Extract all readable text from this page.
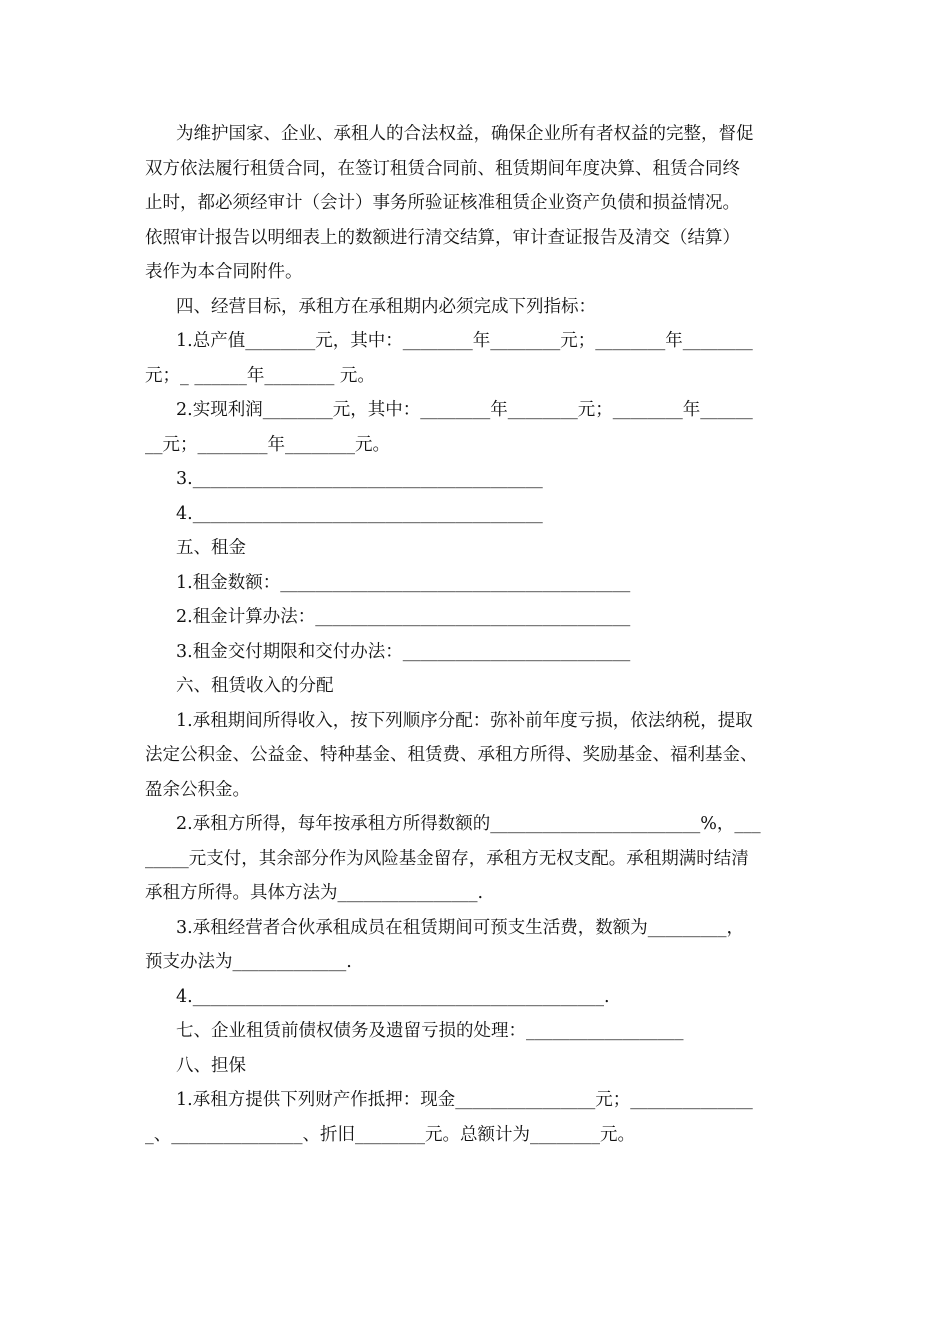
为维护国家、企业、承租人的合法权益，确保企业所有者权益的完整，督促
双方依法履行租赁合同，在签订租赁合同前、租赁期间年度决算、租赁合同终
止时，都必须经审计（会计）事务所验证核准租赁企业资产负债和损益情况。
依照审计报告以明细表上的数额进行清交结算，审计查证报告及清交（结算）
表作为本合同附件。
四、经营目标，承租方在承租期内必须完成下列指标：
1.总产值________元，其中：________年________元；________年________
元；_ ______年________ 元。
2.实现利润________元，其中：________年________元；________年______
__元；________年________元。
3.________________________________________
4.________________________________________
五、租金
1.租金数额：________________________________________
2.租金计算办法：____________________________________
3.租金交付期限和交付办法：__________________________
六、租赁收入的分配
1.承租期间所得收入，按下列顺序分配：弥补前年度亏损，依法纳税，提取
法定公积金、公益金、特种基金、租赁费、承租方所得、奖励基金、福利基金、
盈余公积金。
2.承租方所得，每年按承租方所得数额的________________________%，___
_____元支付，其余部分作为风险基金留存，承租方无权支配。承租期满时结清
承租方所得。具体方法为________________.
3.承租经营者合伙承租成员在租赁期间可预支生活费，数额为_________，
预支办法为_____________.
4._______________________________________________.
七、企业租赁前债权债务及遗留亏损的处理：__________________
八、担保
1.承租方提供下列财产作抵押：现金________________元；______________
_、_______________、折旧________元。总额计为________元。
